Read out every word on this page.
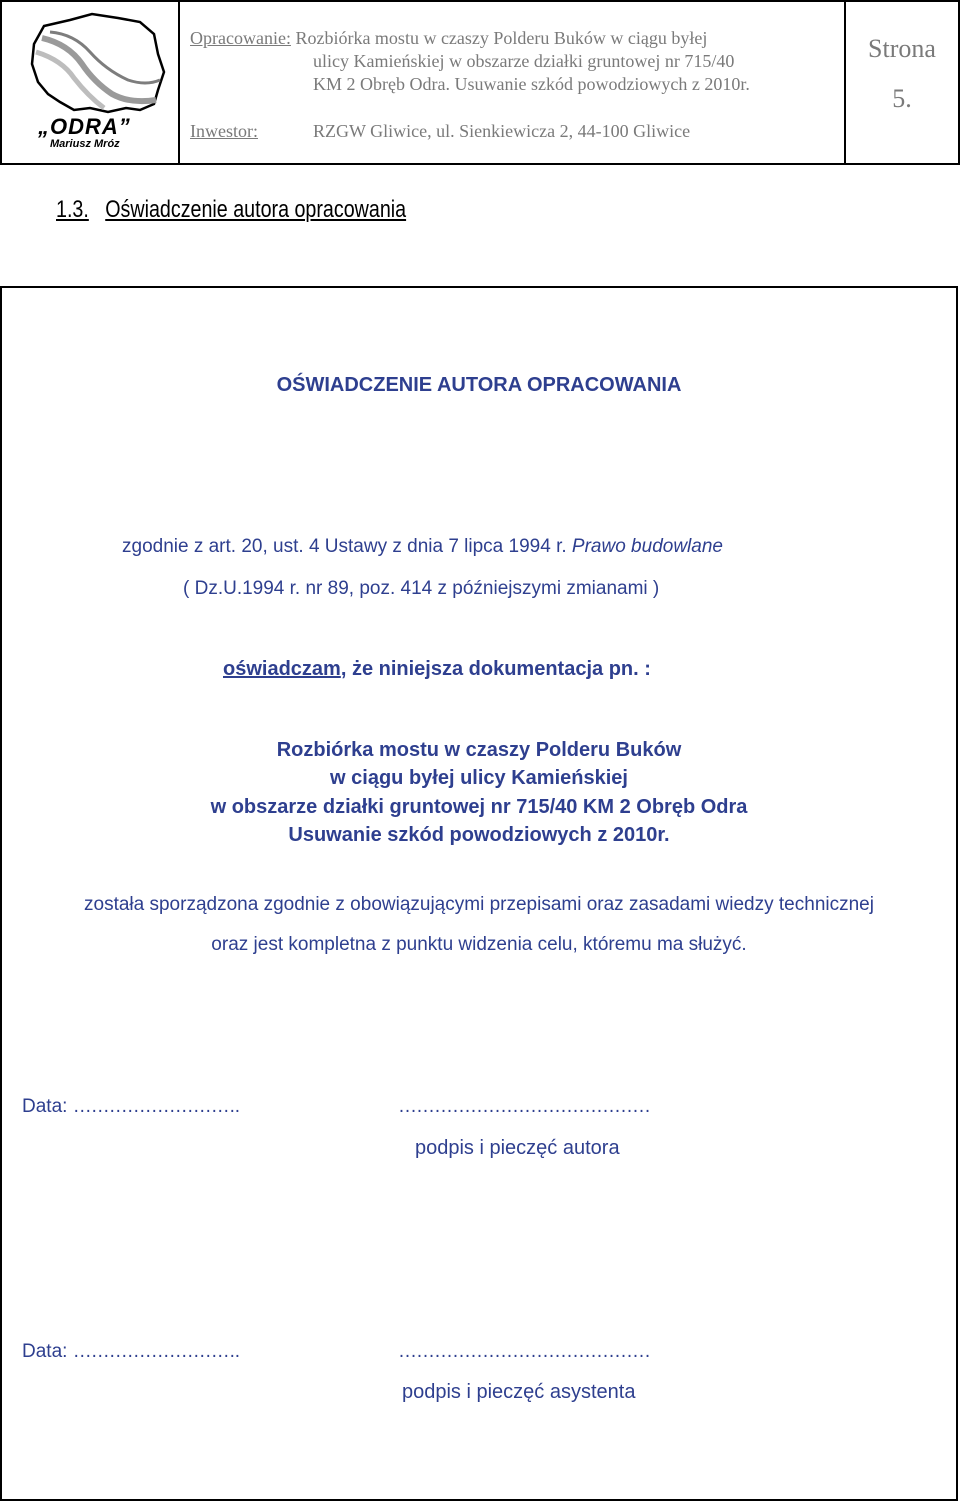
„ODRA”
Mariusz Mróz
Opracowanie: Rozbiórka mostu w czaszy Polderu Buków w ciągu byłej
ulicy Kamieńskiej w obszarze działki gruntowej nr 715/40
KM 2 Obręb Odra. Usuwanie szkód powodziowych z 2010r.
Inwestor:	RZGW Gliwice, ul. Sienkiewicza 2, 44-100 Gliwice
Strona
5.
1.3. Oświadczenie autora opracowania
OŚWIADCZENIE AUTORA OPRACOWANIA
zgodnie z art. 20, ust. 4 Ustawy z dnia 7 lipca 1994 r. Prawo budowlane
( Dz.U.1994 r. nr 89, poz. 414 z późniejszymi zmianami )
oświadczam, że niniejsza dokumentacja pn. :
Rozbiórka mostu w czaszy Polderu Buków
w ciągu byłej ulicy Kamieńskiej
w obszarze działki gruntowej nr 715/40 KM 2 Obręb Odra
Usuwanie szkód powodziowych z 2010r.
została sporządzona zgodnie z obowiązującymi przepisami oraz zasadami wiedzy technicznej
oraz jest kompletna z punktu widzenia celu, któremu ma służyć.
Data: ……………………….	……………………………………
podpis i pieczęć autora
Data: ……………………….	……………………………………
podpis i pieczęć asystenta
